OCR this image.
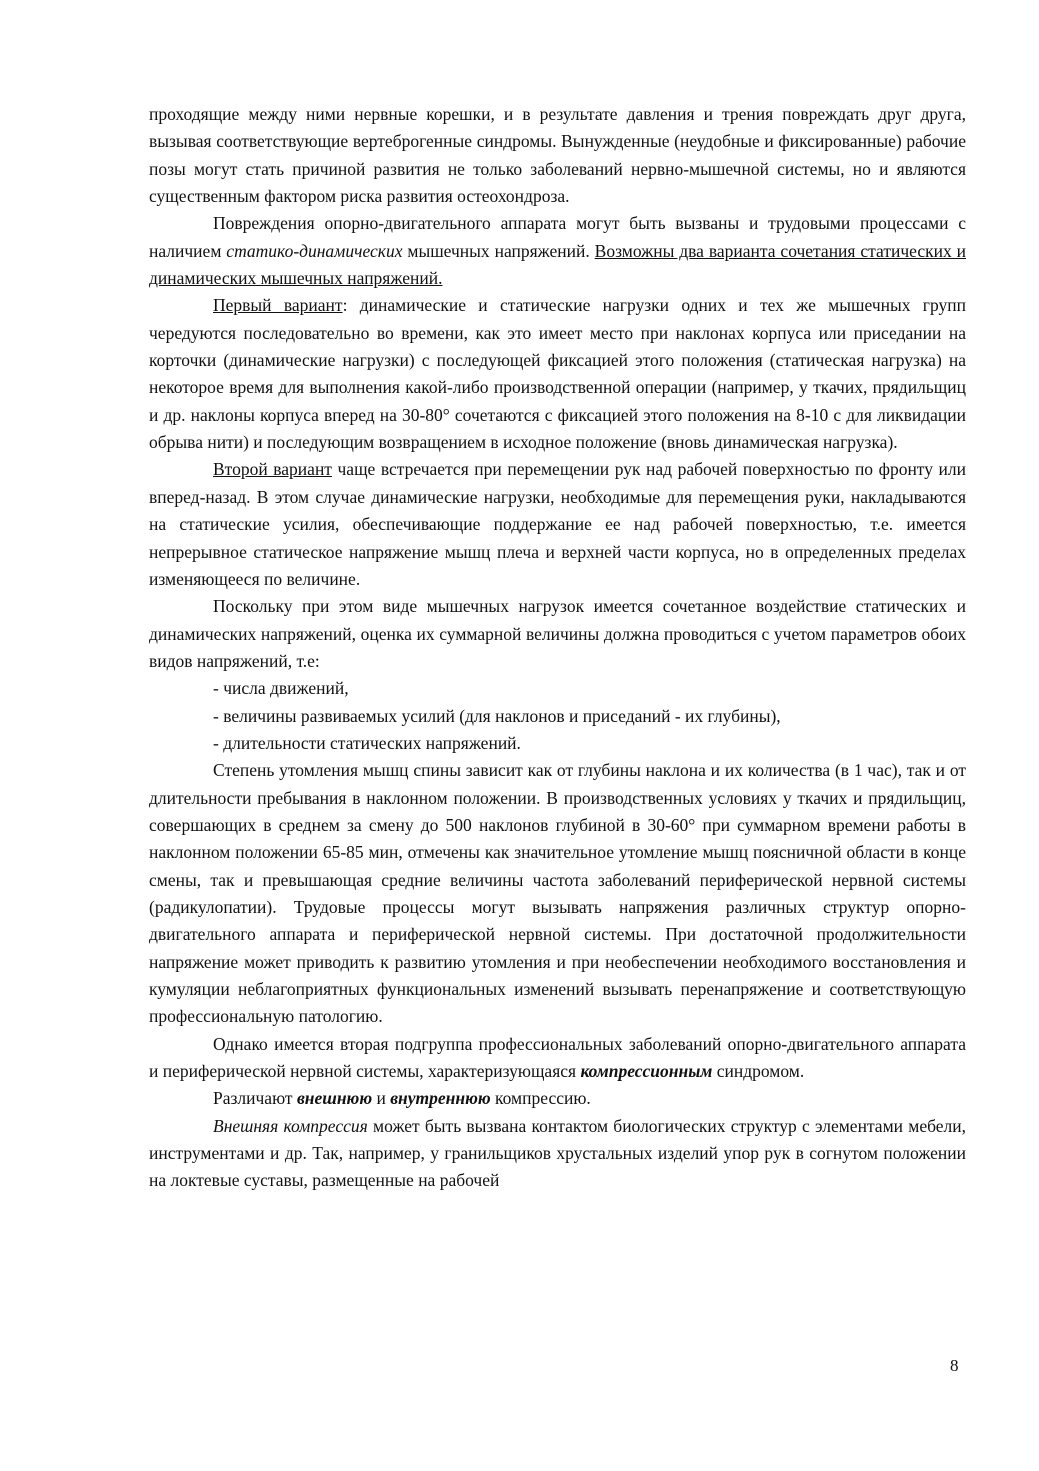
проходящие между ними нервные корешки, и в результате давления и трения повреждать друг друга, вызывая соответствующие вертеброгенные синдромы. Вынужденные (неудобные и фиксированные) рабочие позы могут стать причиной развития не только заболеваний нервно-мышечной системы, но и являются существенным фактором риска развития остеохондроза.

Повреждения опорно-двигательного аппарата могут быть вызваны и трудовыми процессами с наличием статико-динамических мышечных напряжений. Возможны два варианта сочетания статических и динамических мышечных напряжений.

Первый вариант: динамические и статические нагрузки одних и тех же мышечных групп чередуются последовательно во времени, как это имеет место при наклонах корпуса или приседании на корточки (динамические нагрузки) с последующей фиксацией этого положения (статическая нагрузка) на некоторое время для выполнения какой-либо производственной операции (например, у ткачих, прядильщиц и др. наклоны корпуса вперед на 30-80° сочетаются с фиксацией этого положения на 8-10 с для ликвидации обрыва нити) и последующим возвращением в исходное положение (вновь динамическая нагрузка).

Второй вариант чаще встречается при перемещении рук над рабочей поверхностью по фронту или вперед-назад. В этом случае динамические нагрузки, необходимые для перемещения руки, накладываются на статические усилия, обеспечивающие поддержание ее над рабочей поверхностью, т.е. имеется непрерывное статическое напряжение мышц плеча и верхней части корпуса, но в определенных пределах изменяющееся по величине.

Поскольку при этом виде мышечных нагрузок имеется сочетанное воздействие статических и динамических напряжений, оценка их суммарной величины должна проводиться с учетом параметров обоих видов напряжений, т.е:

- числа движений,

- величины развиваемых усилий (для наклонов и приседаний - их глубины),

- длительности статических напряжений.

Степень утомления мышц спины зависит как от глубины наклона и их количества (в 1 час), так и от длительности пребывания в наклонном положении. В производственных условиях у ткачих и прядильщиц, совершающих в среднем за смену до 500 наклонов глубиной в 30-60° при суммарном времени работы в наклонном положении 65-85 мин, отмечены как значительное утомление мышц поясничной области в конце смены, так и превышающая средние величины частота заболеваний периферической нервной системы (радикулопатии). Трудовые процессы могут вызывать напряжения различных структур опорно-двигательного аппарата и периферической нервной системы. При достаточной продолжительности напряжение может приводить к развитию утомления и при необеспечении необходимого восстановления и кумуляции неблагоприятных функциональных изменений вызывать перенапряжение и соответствующую профессиональную патологию.

Однако имеется вторая подгруппа профессиональных заболеваний опорно-двигательного аппарата и периферической нервной системы, характеризующаяся компрессионным синдромом.

Различают внешнюю и внутреннюю компрессию.

Внешняя компрессия может быть вызвана контактом биологических структур с элементами мебели, инструментами и др. Так, например, у гранильщиков хрустальных изделий упор рук в согнутом положении на локтевые суставы, размещенные на рабочей

8
